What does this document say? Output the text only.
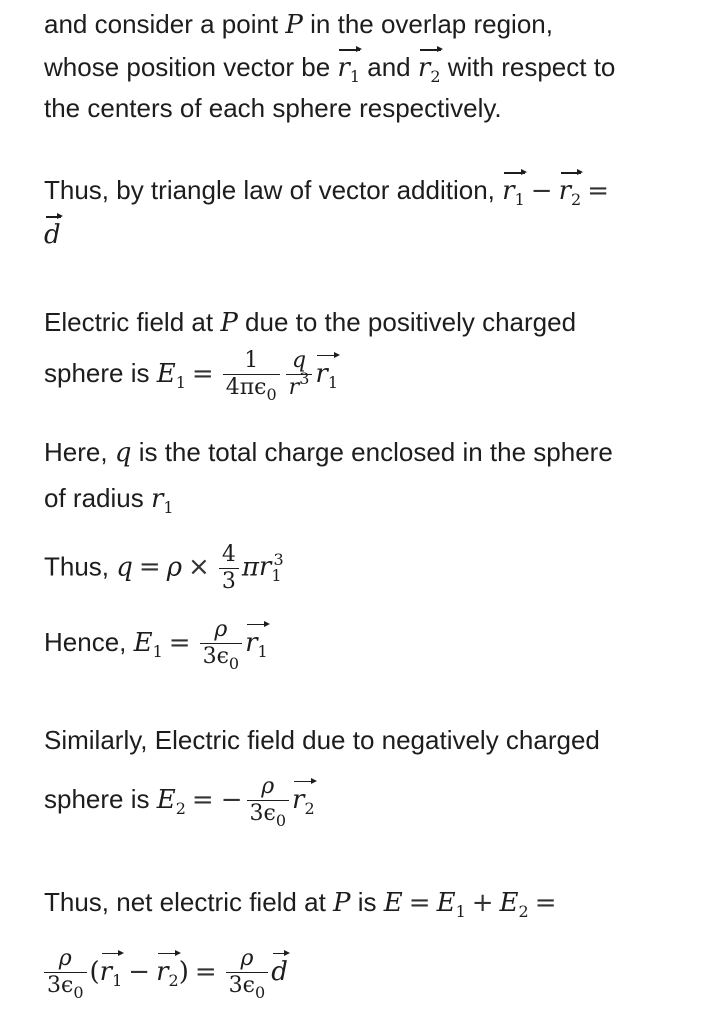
and consider a point P in the overlap region,
whose position vector be $r_1$ and $r_2$ with respect to
the centers of each sphere respectively.
Thus, by triangle law of vector addition, $r_1 - r_2$ =
d
Electric field at P due to the positively charged
sphere is $E_1 = \frac{1}{4\pi\epsilon_0} \frac{q}{r^3} r_1$
Here, q is the total charge enclosed in the sphere
of radius $r_1$
Thus, $q = \rho \times \frac{4}{3} \pi r_1^3$
Hence, $E_1 = \frac{\rho}{3\epsilon_0} r_1$
Similarly, Electric field due to negatively charged
sphere is $E_2$ = − $\frac{\rho}{3\epsilon_0} r_2$
Thus, net electric field at P is $E = E_1 + E_2$ =
$\frac{\rho}{3\epsilon_0} (r_1 - r_2) = \frac{\rho}{3\epsilon_0}$ d
